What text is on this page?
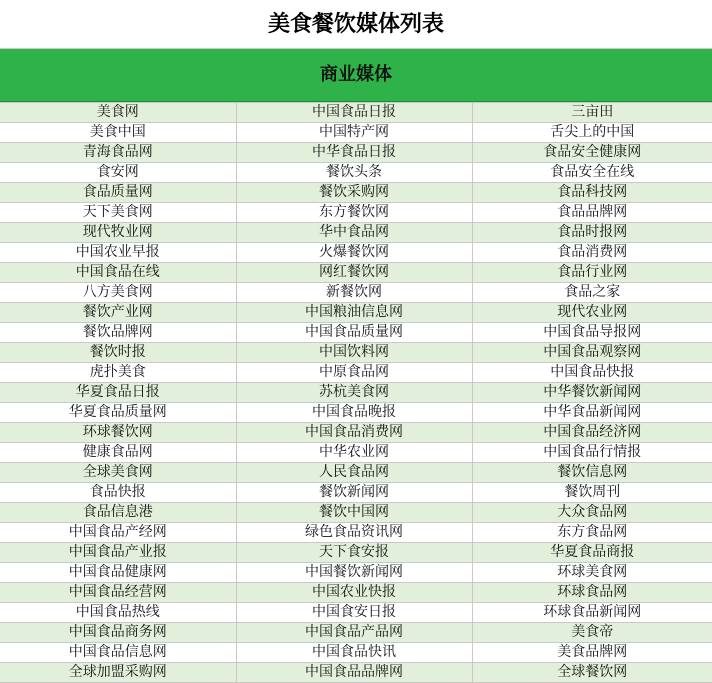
美食餐饮媒体列表
商业媒体
美食网	中国食品日报	三亩田
美食中国	中国特产网	舌尖上的中国
青海食品网	中华食品日报	食品安全健康网
食安网	餐饮头条	食品安全在线
食品质量网	餐饮采购网	食品科技网
天下美食网	东方餐饮网	食品品牌网
现代牧业网	华中食品网	食品时报网
中国农业早报	火爆餐饮网	食品消费网
中国食品在线	网红餐饮网	食品行业网
八方美食网	新餐饮网	食品之家
餐饮产业网	中国粮油信息网	现代农业网
餐饮品牌网	中国食品质量网	中国食品导报网
餐饮时报	中国饮料网	中国食品观察网
虎扑美食	中原食品网	中国食品快报
华夏食品日报	苏杭美食网	中华餐饮新闻网
华夏食品质量网	中国食品晚报	中华食品新闻网
环球餐饮网	中国食品消费网	中国食品经济网
健康食品网	中华农业网	中国食品行情报
全球美食网	人民食品网	餐饮信息网
食品快报	餐饮新闻网	餐饮周刊
食品信息港	餐饮中国网	大众食品网
中国食品产经网	绿色食品资讯网	东方食品网
中国食品产业报	天下食安报	华夏食品商报
中国食品健康网	中国餐饮新闻网	环球美食网
中国食品经营网	中国农业快报	环球食品网
中国食品热线	中国食安日报	环球食品新闻网
中国食品商务网	中国食品产品网	美食帝
中国食品信息网	中国食品快讯	美食品牌网
全球加盟采购网	中国食品品牌网	全球餐饮网
